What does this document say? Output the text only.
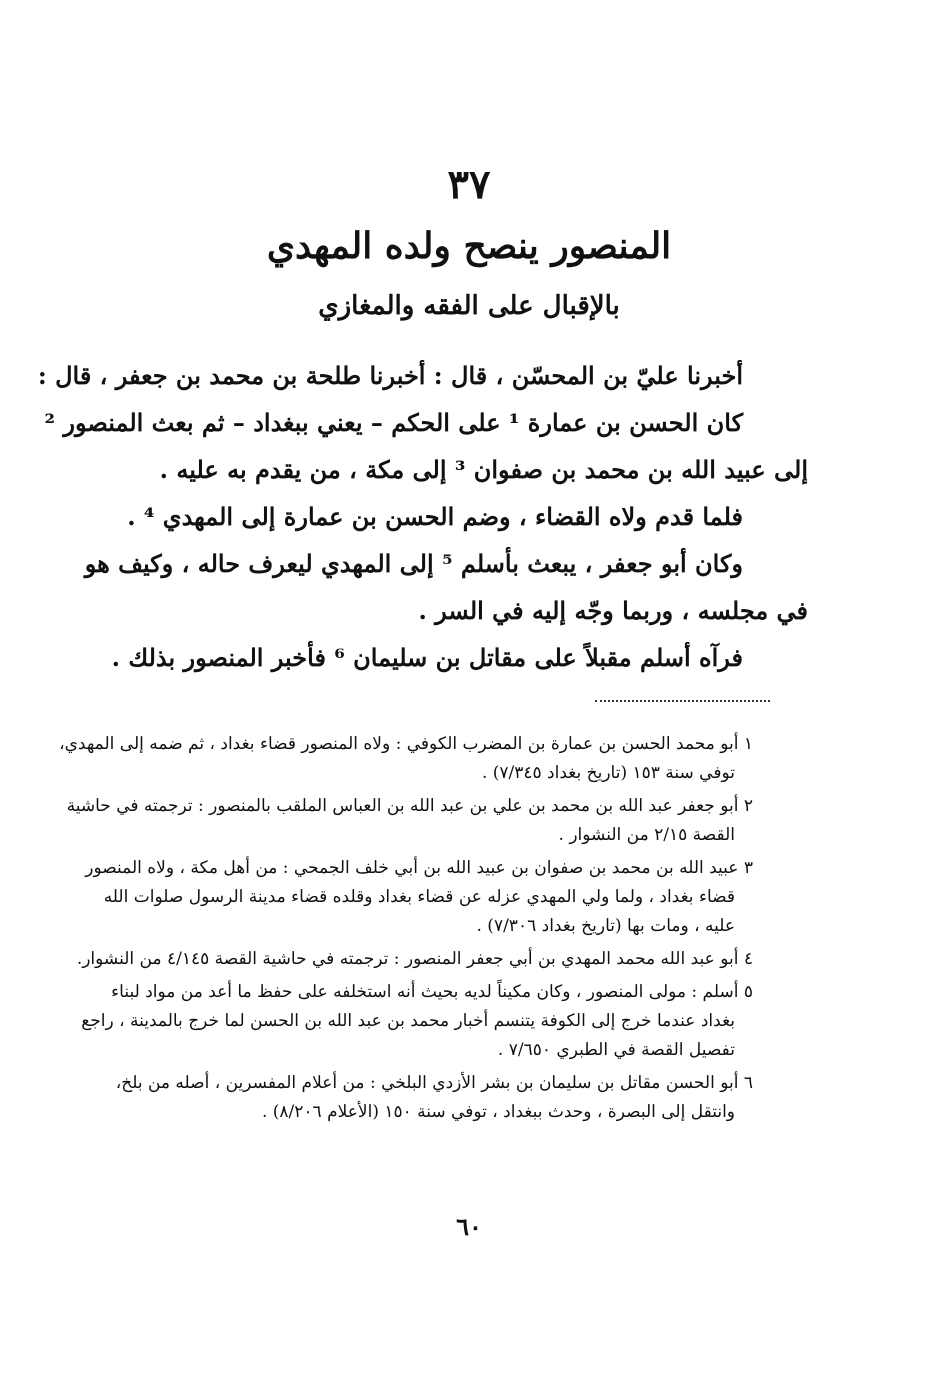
٣٧
المنصور ينصح ولده المهدي
بالإقبال على الفقه والمغازي
أخبرنا عليّ بن المحسّن ، قال : أخبرنا طلحة بن محمد بن جعفر ، قال :
كان الحسن بن عمارة ¹ على الحكم – يعني ببغداد – ثم بعث المنصور ²
إلى عبيد الله بن محمد بن صفوان ³ إلى مكة ، من يقدم به عليه .
فلما قدم ولاه القضاء ، وضم الحسن بن عمارة إلى المهدي ⁴ .
وكان أبو جعفر ، يبعث بأسلم ⁵ إلى المهدي ليعرف حاله ، وكيف هو
في مجلسه ، وربما وجّه إليه في السر .
فرآه أسلم مقبلاً على مقاتل بن سليمان ⁶ فأخبر المنصور بذلك .
١ أبو محمد الحسن بن عمارة بن المضرب الكوفي : ولاه المنصور قضاء بغداد ، ثم ضمه إلى المهدي،
توفي سنة ١٥٣ (تاريخ بغداد ٧/٣٤٥) .
٢ أبو جعفر عبد الله بن محمد بن علي بن عبد الله بن العباس الملقب بالمنصور : ترجمته في حاشية
القصة ٢/١٥ من النشوار .
٣ عبيد الله بن محمد بن صفوان بن عبيد الله بن أبي خلف الجمحي : من أهل مكة ، ولاه المنصور
قضاء بغداد ، ولما ولي المهدي عزله عن قضاء بغداد وقلده قضاء مدينة الرسول صلوات الله
عليه ، ومات بها (تاريخ بغداد ٧/٣٠٦) .
٤ أبو عبد الله محمد المهدي بن أبي جعفر المنصور : ترجمته في حاشية القصة ٤/١٤٥ من النشوار.
٥ أسلم : مولى المنصور ، وكان مكيناً لديه بحيث أنه استخلفه على حفظ ما أعد من مواد لبناء
بغداد عندما خرج إلى الكوفة يتنسم أخبار محمد بن عبد الله بن الحسن لما خرج بالمدينة ، راجع
تفصيل القصة في الطبري ٧/٦٥٠ .
٦ أبو الحسن مقاتل بن سليمان بن بشر الأزدي البلخي : من أعلام المفسرين ، أصله من بلخ،
وانتقل إلى البصرة ، وحدث ببغداد ، توفي سنة ١٥٠ (الأعلام ٨/٢٠٦) .
٦٠
